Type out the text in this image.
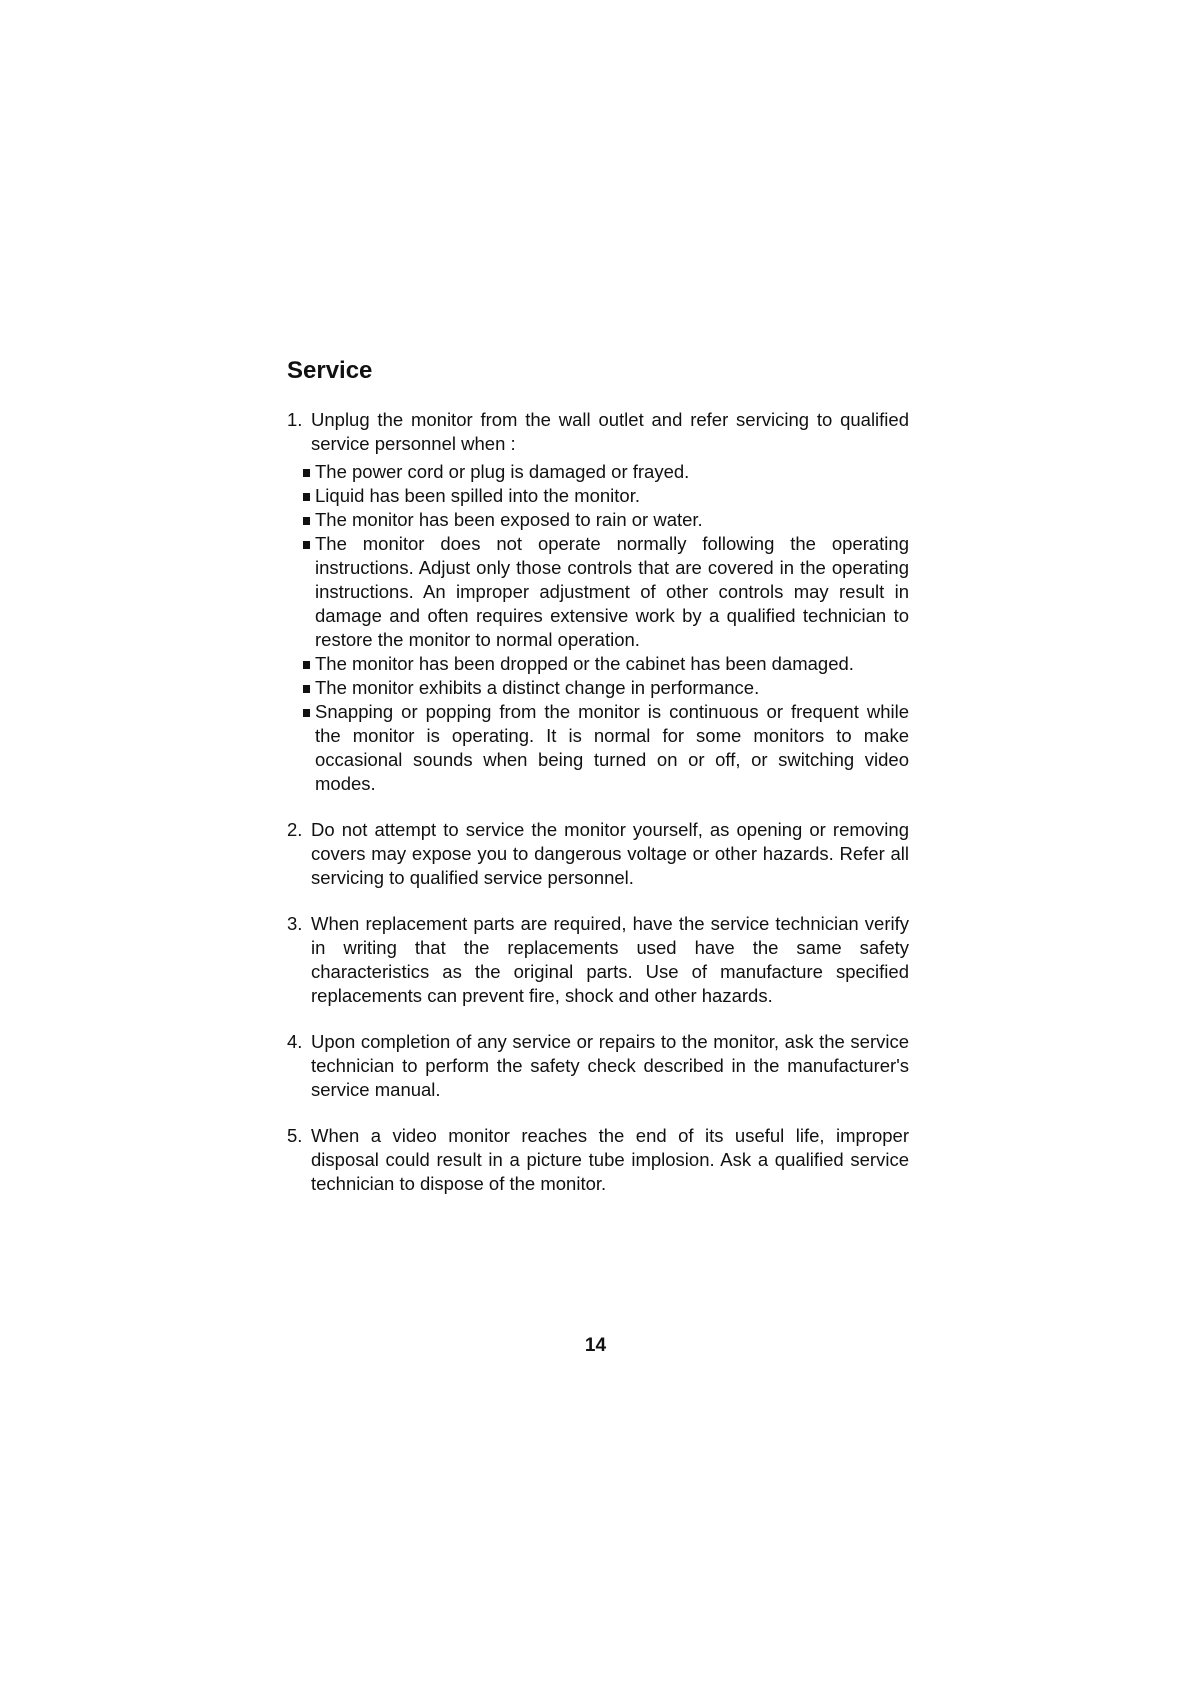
Service
1. Unplug the monitor from the wall outlet and refer servicing to qualified service personnel when :
The power cord or plug is damaged or frayed.
Liquid has been spilled into the monitor.
The monitor has been exposed to rain or water.
The monitor does not operate normally following the operating instructions. Adjust only those controls that are covered in the operating instructions. An improper adjustment of other controls may result in damage and often requires extensive work by a qualified technician to restore the monitor to normal operation.
The monitor has been dropped or the cabinet has been damaged.
The monitor exhibits a distinct change in performance.
Snapping or popping from the monitor is continuous or frequent while the monitor is operating. It is normal for some monitors to make occasional sounds when being turned on or off, or switching video modes.
2. Do not attempt to service the monitor yourself, as opening or removing covers may expose you to dangerous voltage or other hazards. Refer all servicing to qualified service personnel.
3. When replacement parts are required, have the service technician verify in writing that the replacements used have the same safety characteristics as the original parts. Use of manufacture specified replacements can prevent fire, shock and other hazards.
4. Upon completion of any service or repairs to the monitor, ask the service technician to perform the safety check described in the manufacturer's service manual.
5. When a video monitor reaches the end of its useful life, improper disposal could result in a picture tube implosion. Ask a qualified service technician to dispose of the monitor.
14
